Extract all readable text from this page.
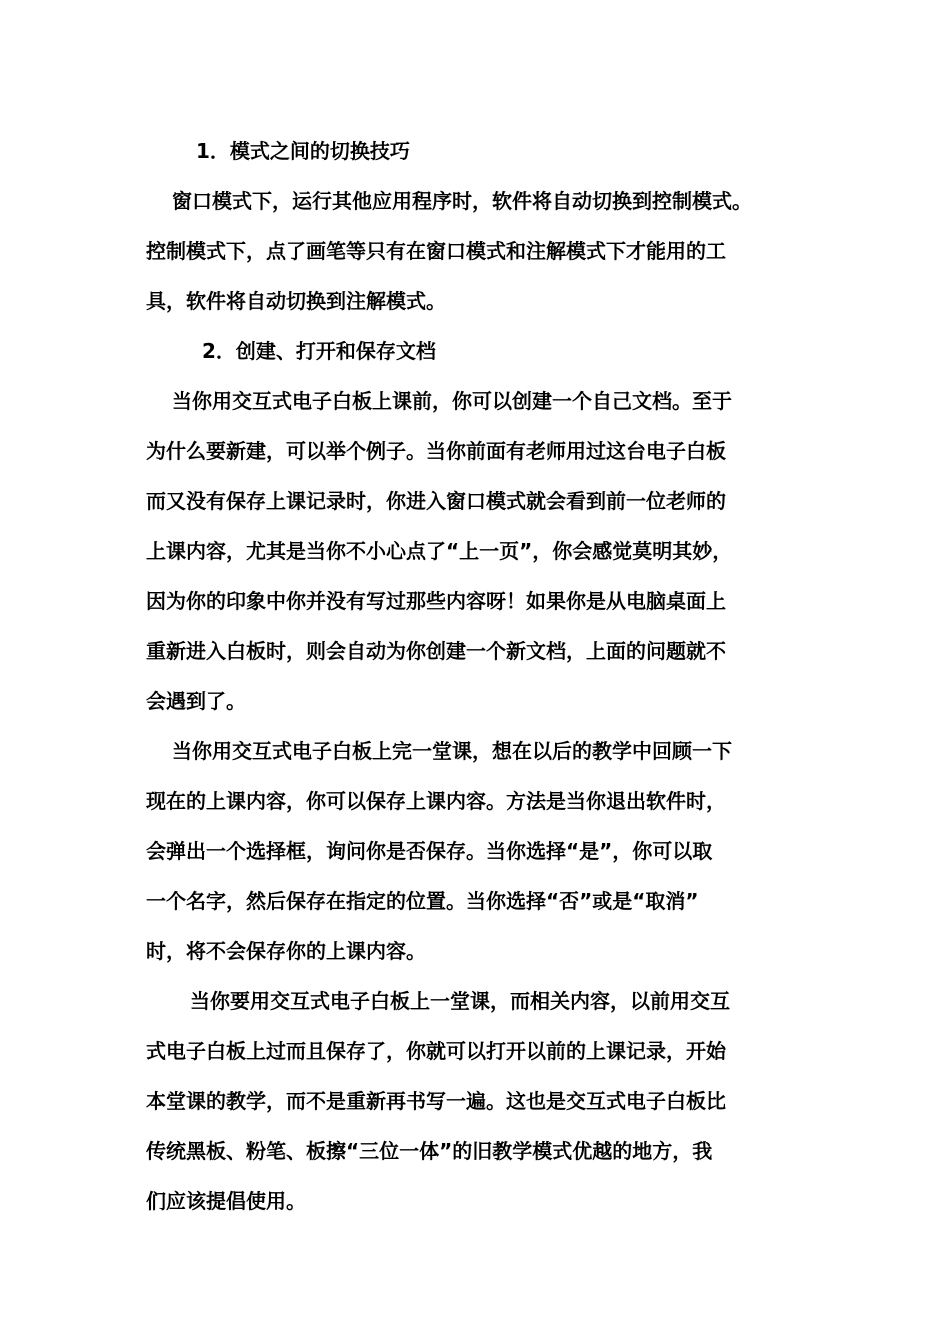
1．模式之间的切换技巧
窗口模式下，运行其他应用程序时，软件将自动切换到控制模式。
控制模式下，点了画笔等只有在窗口模式和注解模式下才能用的工
具，软件将自动切换到注解模式。
2．创建、打开和保存文档
当你用交互式电子白板上课前，你可以创建一个自己文档。至于
为什么要新建，可以举个例子。当你前面有老师用过这台电子白板
而又没有保存上课记录时，你进入窗口模式就会看到前一位老师的
上课内容，尤其是当你不小心点了“上一页”，你会感觉莫明其妙，
因为你的印象中你并没有写过那些内容呀！如果你是从电脑桌面上
重新进入白板时，则会自动为你创建一个新文档，上面的问题就不
会遇到了。
当你用交互式电子白板上完一堂课，想在以后的教学中回顾一下
现在的上课内容，你可以保存上课内容。方法是当你退出软件时，
会弹出一个选择框，询问你是否保存。当你选择“是”，你可以取
一个名字，然后保存在指定的位置。当你选择“否”或是“取消”
时，将不会保存你的上课内容。
当你要用交互式电子白板上一堂课，而相关内容，以前用交互
式电子白板上过而且保存了，你就可以打开以前的上课记录，开始
本堂课的教学，而不是重新再书写一遍。这也是交互式电子白板比
传统黑板、粉笔、板擦“三位一体”的旧教学模式优越的地方，我
们应该提倡使用。
